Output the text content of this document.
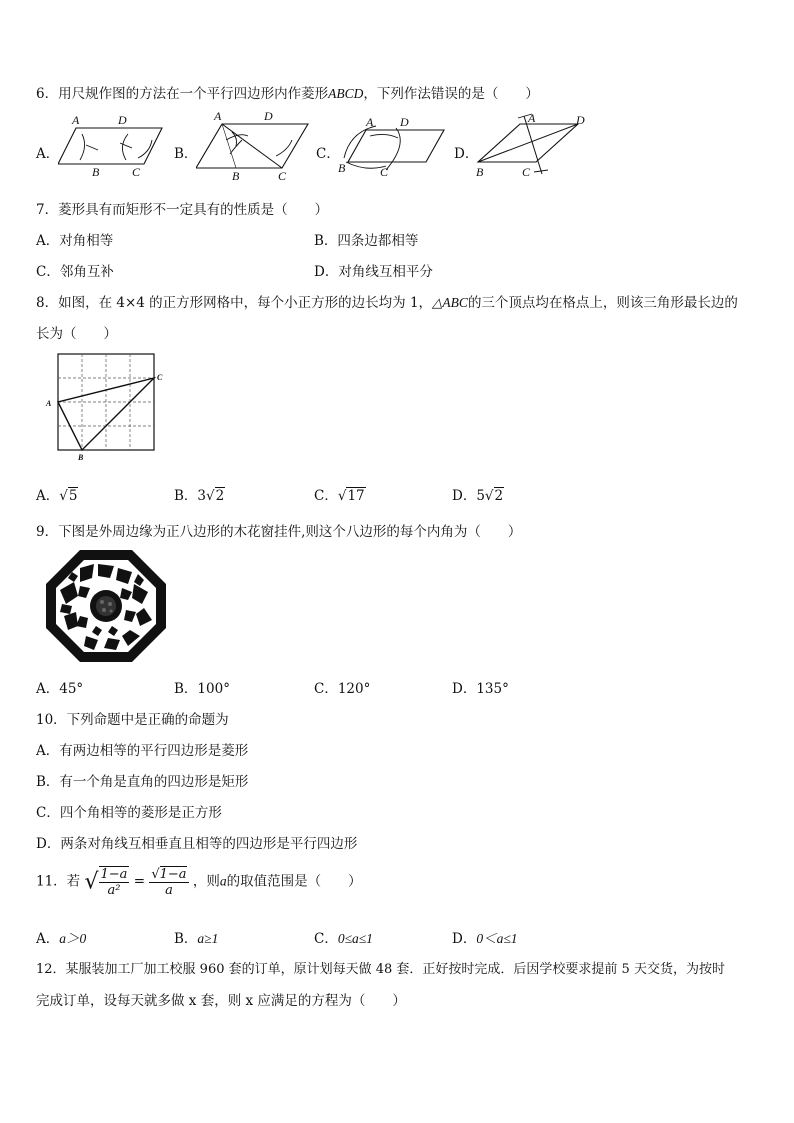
6．用尺规作图的方法在一个平行四边形内作菱形ABCD，下列作法错误的是（　　）
A．
A
B	C
D
B．
A
B	C
D
C．
A
B	C
D
D．
A
B	C
D
7．菱形具有而矩形不一定具有的性质是（　　）
A．对角相等	B．四条边都相等
C．邻角互补	D．对角线互相平分
8．如图，在 4×4 的正方形网格中，每个小正方形的边长均为 1，△ABC的三个顶点均在格点上，则该三角形最长边的
长为（　　）
A
B
C
A．√5	B．3√2	C．√17	D．5√2
9．下图是外周边缘为正八边形的木花窗挂件,则这个八边形的每个内角为（　　）
A．45°	B．100°	C．120°	D．135°
10．下列命题中是正确的命题为
A．有两边相等的平行四边形是菱形
B．有一个角是直角的四边形是矩形
C．四个角相等的菱形是正方形
D．两条对角线互相垂直且相等的四边形是平行四边形
11．若 √ $\frac{1-a}{\text{a²}} = \frac{√1-a}{a}$ ，则a的取值范围是（　　）
A．a＞0	B．a≥1	C．0≤a≤1	D．0＜a≤1
12．某服装加工厂加工校服 960 套的订单，原计划每天做 48 套．正好按时完成．后因学校要求提前 5 天交货，为按时
完成订单，设每天就多做 x 套，则 x 应满足的方程为（　　）
